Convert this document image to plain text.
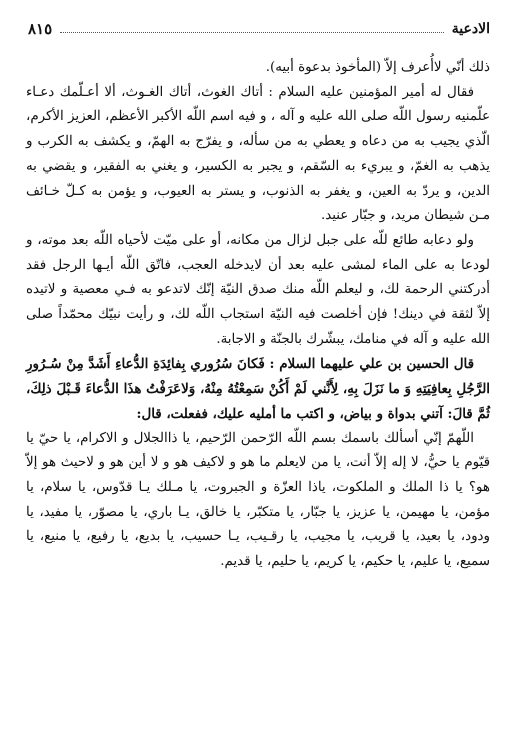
٨١٥	الادعية

ذلك أنّي لاأُعرف إلاّ (المأخوذ بدعوة أبيه).

فقال له أمير المؤمنين عليه السلام : أتاك الغوث، أتاك الغـوث، ألا أعـلّمك دعـاء علّمنيه رسول اللّه صلى الله عليه و آله ، و فيه اسم اللّه الأكبر الأعظم، العزيز الأكرم، الّذي يجيب به من دعاه و يعطي به من سأله، و يفرّج به الهمّ، و يكشف به الكرب و يذهب به الغمّ، و يبريء به السّقم، و يجبر به الكسير، و يغني به الفقير، و يقضي به الدين، و يردّ به العين، و يغفر به الذنوب، و يستر به العيوب، و يؤمن به كـلّ خـائف مـن شيطان مريد، و جبّار عنيد.

ولو دعابه طائع للّه على جبل لزال من مكانه، أو على ميّت لأحياه اللّه بعد موته، و لودعا به على الماء لمشى عليه بعد أن لايدخله العجب، فاتّق اللّه أيـها الرجل فقد أدركتني الرحمة لك، و ليعلم اللّه منك صدق النيّة إنّك لاتدعو به فـي معصية و لاتيده إلاّ لثقة في دينك! فإن أخلصت فيه النيّة استجاب اللّه لك، و رأيت نبيّك محمّداً صلى الله عليه و آله في منامك، يبشّرك بالجنّة و الاجابة.

قال الحسين بن علي عليهما السلام : فَكانَ سُرُوري بِفائِدَةِ الدُّعاءِ أَشَدَّ مِنْ سُـرُورِ الرَّجُلِ بِعافِيَتِهِ وَ ما نَزَلَ بِهِ، لِأَنَّني لَمْ أَكُنْ سَمِعْتُهُ مِنْهُ، وَلاعَرَفْتُ هذَا الدُّعاءَ قَـبْلَ ذلِكَ، ثُمَّ قالَ: آتني بدواة و بياض، و اكتب ما أمليه عليك، ففعلت، قال:

اللّهمّ إنّي أسألك باسمك بسم اللّه الرّحمن الرّحيم، يا ذاالجلال و الاكرام، يا حيّ يا قيّوم يا حيُّ، لا إله إلاّ أنت، يا من لايعلم ما هو و لاكيف هو و لا أين هو و لاحيث هو إلاّ هو؟ يا ذا الملك و الملكوت، ياذا العزّة و الجبروت، يا مـلك يـا قدّوس، يا سلام، يا مؤمن، يا مهيمن، يا عزيز، يا جبّار، يا متكبّر، يا خالق، يـا باري، يا مصوّر، يا مفيد، يا ودود، يا بعيد، يا قريب، يا مجيب، يا رقـيب، يـا حسيب، يا بديع، يا رفيع، يا منيع، يا سميع، يا عليم، يا حكيم، يا كريم، يا حليم، يا قديم.
